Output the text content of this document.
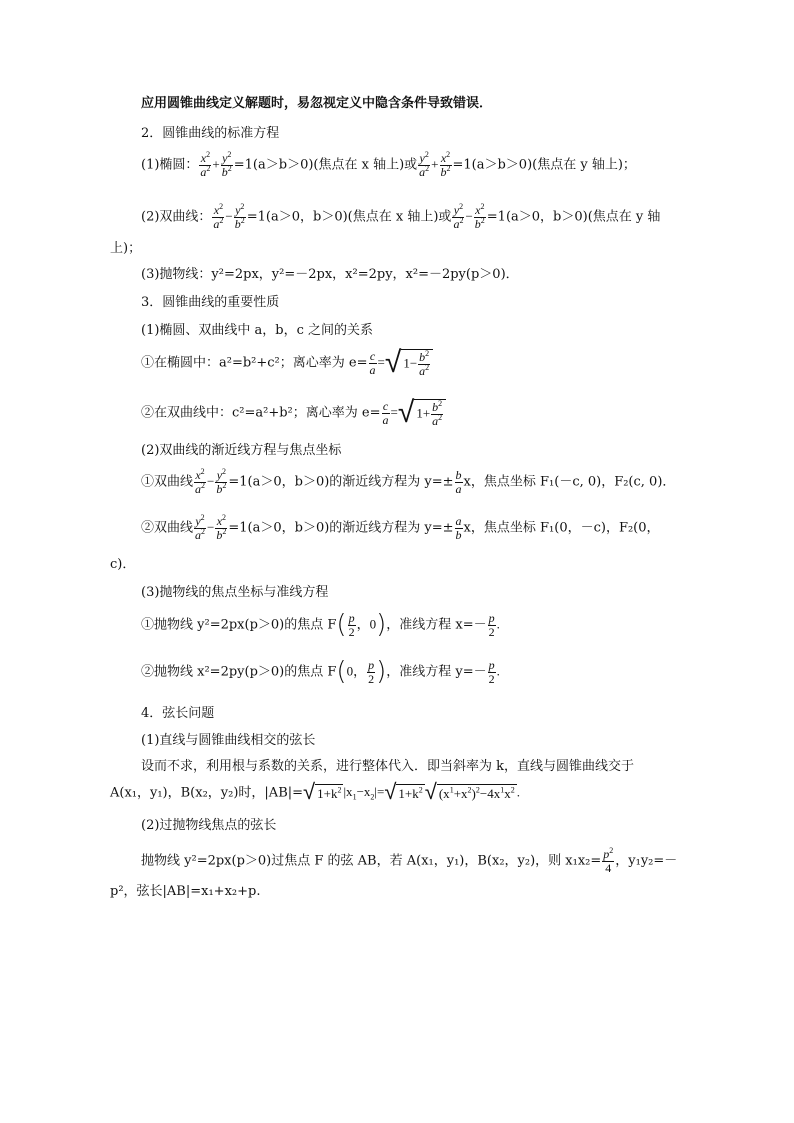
应用圆锥曲线定义解题时，易忽视定义中隐含条件导致错误．
2．圆锥曲线的标准方程
(1)椭圆： $\frac{x^2}{a^2} + \frac{y^2}{b^2} =1(a>b>0)$(焦点在 x 轴上)或 $\frac{y^2}{a^2} + \frac{x^2}{b^2} =1(a>b>0)$(焦点在 y 轴上)；
(2)双曲线： $\frac{x^2}{a^2} - \frac{y^2}{b^2} =1(a>0$，b＞0)(焦点在 x 轴上)或 $\frac{y^2}{a^2} - \frac{x^2}{b^2} =1(a>0$，b＞0)(焦点在 y 轴
上)；
(3)抛物线：y²=2px，y²=－2px，x²=2py，x²=－2py(p＞0)．
3．圆锥曲线的重要性质
(1)椭圆、双曲线中 a，b，c 之间的关系
①在椭圆中：a²=b²+c²；离心率为 $e= \frac{c}{a}$ =√ $1- \frac{b^2}{a^2}$
②在双曲线中：c²=a²+b²；离心率为 $e= \frac{c}{a}$ =√ $1+ \frac{b^2}{a^2}$
(2)双曲线的渐近线方程与焦点坐标
①双曲线 $\frac{x^2}{a^2} - \frac{y^2}{b^2} =1(a>0$，b＞0)的渐近线方程为 $y=\pm \frac{b}{a}$ x，焦点坐标 F₁(－c, 0)，F₂(c, 0)．
②双曲线 $\frac{y^2}{a^2} - \frac{x^2}{b^2} =1(a>0$，b＞0)的渐近线方程为 $y=\pm \frac{a}{b}$ x，焦点坐标 F₁(0，－c)，F₂(0，
c)．
(3)抛物线的焦点坐标与准线方程
①抛物线 y²=2px(p＞0)的焦点 $F( \frac{p}{2}$ ，0)，准线方程 $x=- \frac{p}{2}$ .
②抛物线 x²=2py(p＞0)的焦点 F(0， $\frac{p}{2}$ )，准线方程 $y=- \frac{p}{2}$ .
4．弦长问题
(1)直线与圆锥曲线相交的弦长
设而不求，利用根与系数的关系，进行整体代入．即当斜率为 k，直线与圆锥曲线交于
A(x₁，y₁)，B(x₂，y₂)时，|AB|=√ $1+k^2$ $|x_1-x_2|=√$ $1+k^2√$ $(x^1+x^2)^2-4x^1x^2$ .
(2)过抛物线焦点的弦长
抛物线 y²=2px(p＞0)过焦点 F 的弦 AB，若 A(x₁，y₁)，B(x₂，y₂)，则 $x_1x_2= \frac{p^2}{4}$ ，y₁y₂=－
p²，弦长|AB|=x₁+x₂+p.
